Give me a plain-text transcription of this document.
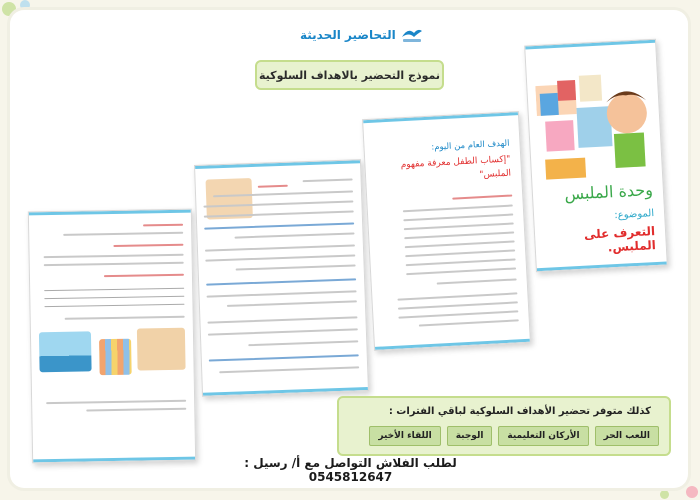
التحاضير الحديثة
نموذج التحضير بالاهداف السلوكية
الهدف العام من اليوم:
"إكساب الطفل معرفة مفهوم الملبس"
وحدة الملبس
الموضوع:
التعرف على الملبس.
كذلك متوفر تحضير الأهداف السلوكية لباقي الفترات :
اللعب الحر
الأركان التعليمية
الوجبة
اللقاء الأخير
لطلب الفلاش التواصل مع أ/ رسيل : 0545812647
